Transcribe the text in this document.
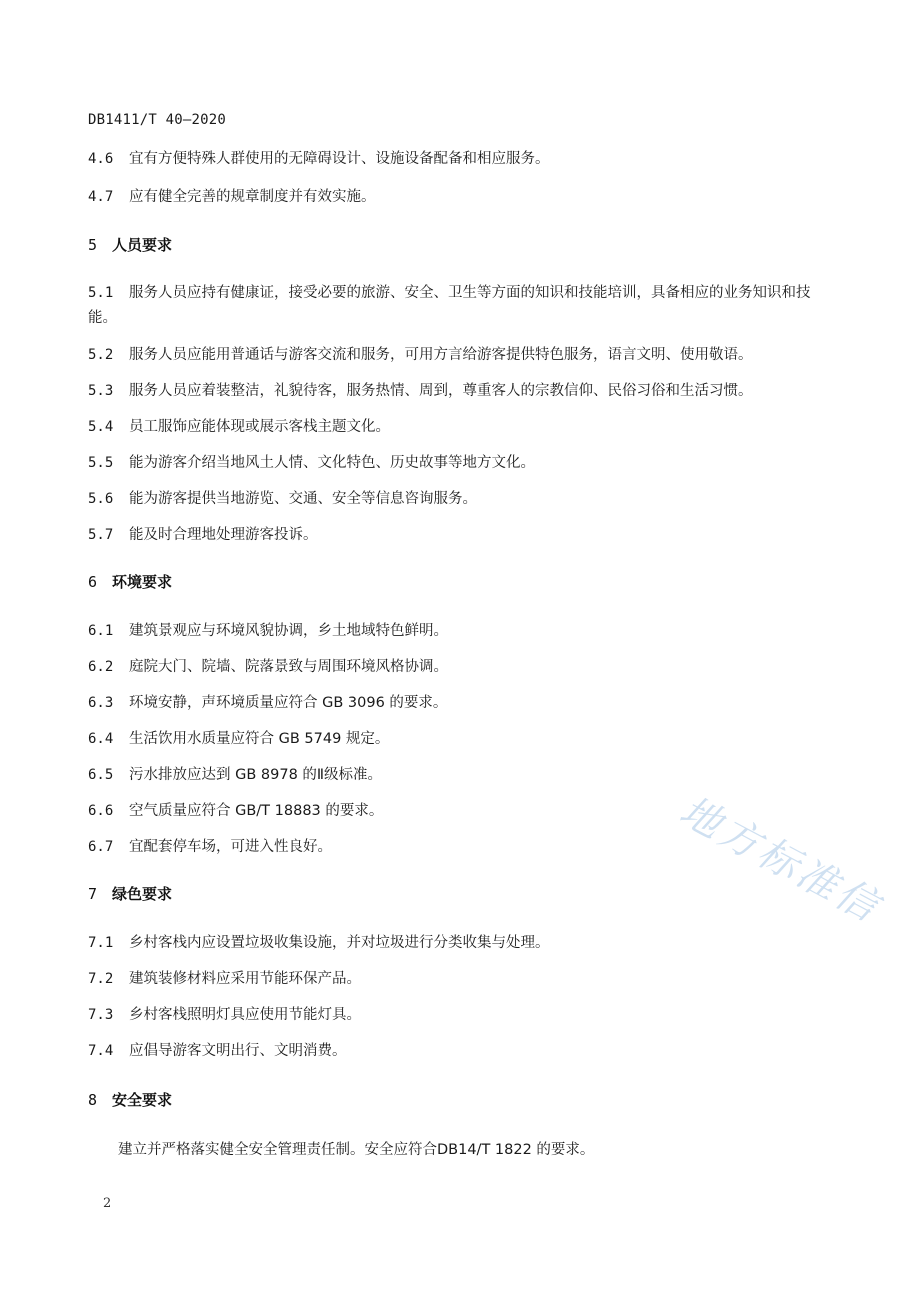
DB1411/T 40—2020
4.6 宜有方便特殊人群使用的无障碍设计、设施设备配备和相应服务。
4.7 应有健全完善的规章制度并有效实施。
5 人员要求
5.1 服务人员应持有健康证，接受必要的旅游、安全、卫生等方面的知识和技能培训，具备相应的业务知识和技能。
5.2 服务人员应能用普通话与游客交流和服务，可用方言给游客提供特色服务，语言文明、使用敬语。
5.3 服务人员应着装整洁，礼貌待客，服务热情、周到，尊重客人的宗教信仰、民俗习俗和生活习惯。
5.4 员工服饰应能体现或展示客栈主题文化。
5.5 能为游客介绍当地风土人情、文化特色、历史故事等地方文化。
5.6 能为游客提供当地游览、交通、安全等信息咨询服务。
5.7 能及时合理地处理游客投诉。
6 环境要求
6.1 建筑景观应与环境风貌协调，乡土地域特色鲜明。
6.2 庭院大门、院墙、院落景致与周围环境风格协调。
6.3 环境安静，声环境质量应符合 GB 3096 的要求。
6.4 生活饮用水质量应符合 GB 5749 规定。
6.5 污水排放应达到 GB 8978 的Ⅱ级标准。
6.6 空气质量应符合 GB/T 18883 的要求。
6.7 宜配套停车场，可进入性良好。
7 绿色要求
7.1 乡村客栈内应设置垃圾收集设施，并对垃圾进行分类收集与处理。
7.2 建筑装修材料应采用节能环保产品。
7.3 乡村客栈照明灯具应使用节能灯具。
7.4 应倡导游客文明出行、文明消费。
8 安全要求
建立并严格落实健全安全管理责任制。安全应符合DB14/T 1822 的要求。
2
地方标准信
